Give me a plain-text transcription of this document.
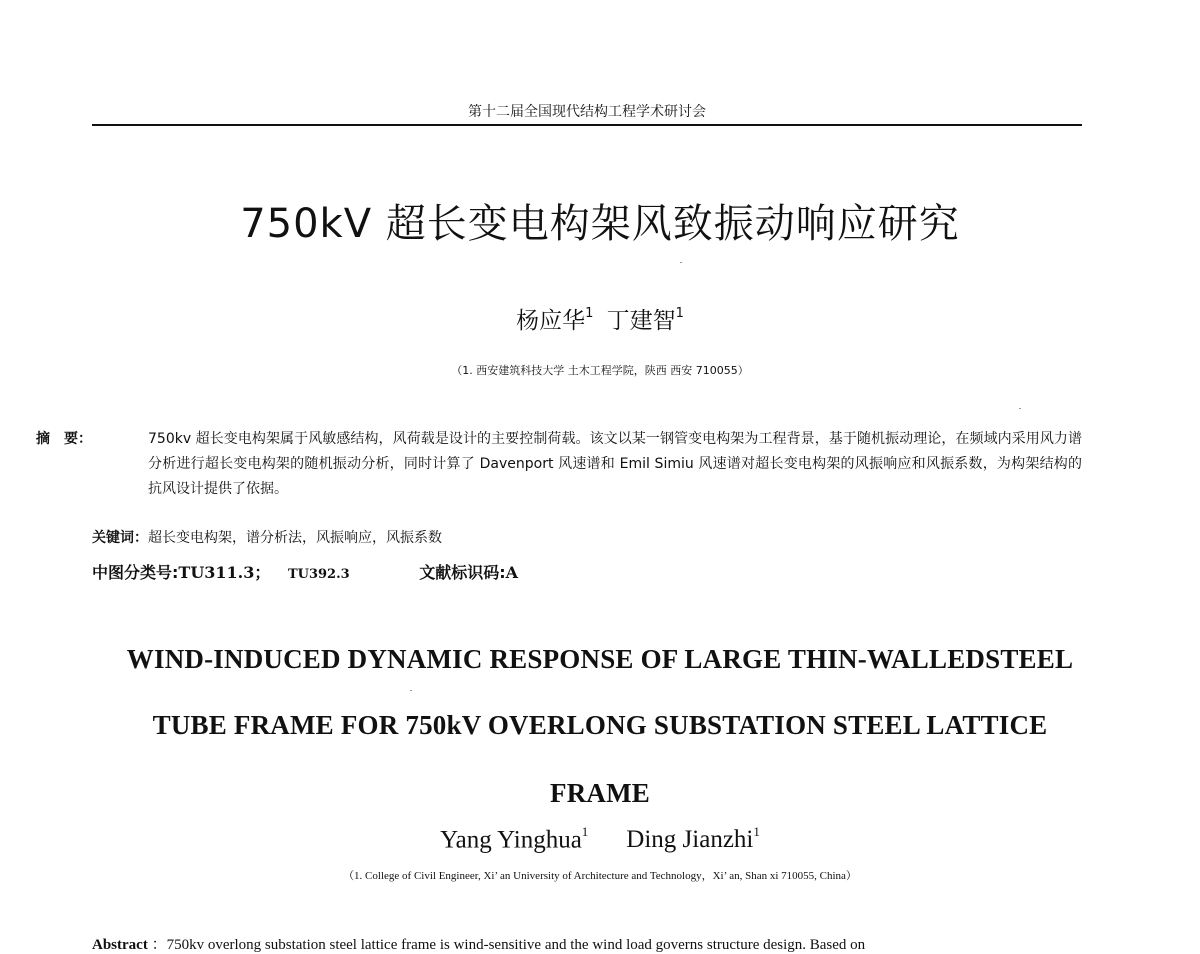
第十二届全国现代结构工程学术研讨会
750kV 超长变电构架风致振动响应研究
杨应华$^1$ 丁建智$^1$
（1. 西安建筑科技大学 土木工程学院，陕西 西安 710055）
摘　要：	750kv 超长变电构架属于风敏感结构，风荷载是设计的主要控制荷载。该文以某一钢管变电构架为工程背景，基于随机振动理论，在频域内采用风力谱分析进行超长变电构架的随机振动分析，同时计算了 Davenport 风速谱和 Emil Simiu 风速谱对超长变电构架的风振响应和风振系数，为构架结构的抗风设计提供了依据。
关键词：超长变电构架，谱分析法，风振响应，风振系数
中图分类号:TU311.3； TU392.3	文献标识码:A
WIND-INDUCED DYNAMIC RESPONSE OF LARGE THIN-WALLEDSTEEL
TUBE FRAME FOR 750kV OVERLONG SUBSTATION STEEL LATTICE
FRAME
Yang Yinghua$^1$ Ding Jianzhi$^1$
（1. College of Civil Engineer, Xi’ an University of Architecture and Technology，Xi’ an, Shan xi 710055, China）
Abstract ：750kv overlong substation steel lattice frame is wind-sensitive and the wind load governs structure design. Based on
